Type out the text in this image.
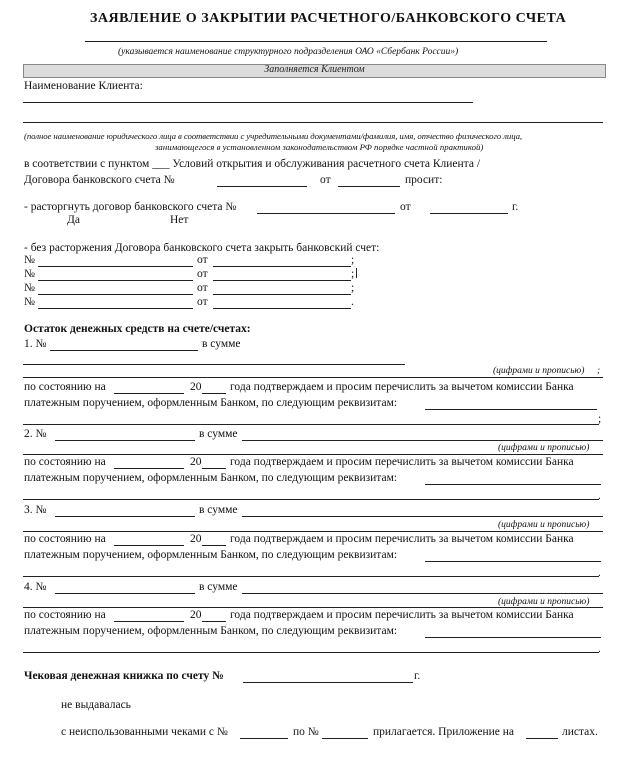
ЗАЯВЛЕНИЕ О ЗАКРЫТИИ РАСЧЕТНОГО/БАНКОВСКОГО СЧЕТА
(указывается наименование структурного подразделения ОАО «Сбербанк России»)
Заполняется Клиентом
Наименование Клиента:
(полное наименование юридического лица в соответствии с учредительными документами/фамилия, имя, отчество физического лица,
занимающегося в установленном законодательством РФ порядке частной практикой)
в соответствии с пунктом ___ Условий открытия и обслуживания расчетного счета Клиента /
Договора банковского счета №	от	просит:
- расторгнуть договор банковского счета №	от	г.
Да	Нет
- без расторжения Договора банковского счета закрыть банковский счет:
№	от	;
№	от	;
№	от	;
№	от	.
Остаток денежных средств на счете/счетах:
1. №	в сумме
(цифрами и прописью) ;
по состоянию на	20 года подтверждаем и просим перечислить за вычетом комиссии Банка
платежным поручением, оформленным Банком, по следующим реквизитам:
;
2. №	в сумме
(цифрами и прописью)
по состоянию на	20 года подтверждаем и просим перечислить за вычетом комиссии Банка
платежным поручением, оформленным Банком, по следующим реквизитам:
.
3. №	в сумме
(цифрами и прописью)
по состоянию на	20 года подтверждаем и просим перечислить за вычетом комиссии Банка
платежным поручением, оформленным Банком, по следующим реквизитам:
.
4. №	в сумме
(цифрами и прописью)
по состоянию на	20 года подтверждаем и просим перечислить за вычетом комиссии Банка
платежным поручением, оформленным Банком, по следующим реквизитам:
.
Чековая денежная книжка по счету №	г.
не выдавалась
с неиспользованными чеками с №	по №	прилагается. Приложение на	листах.
